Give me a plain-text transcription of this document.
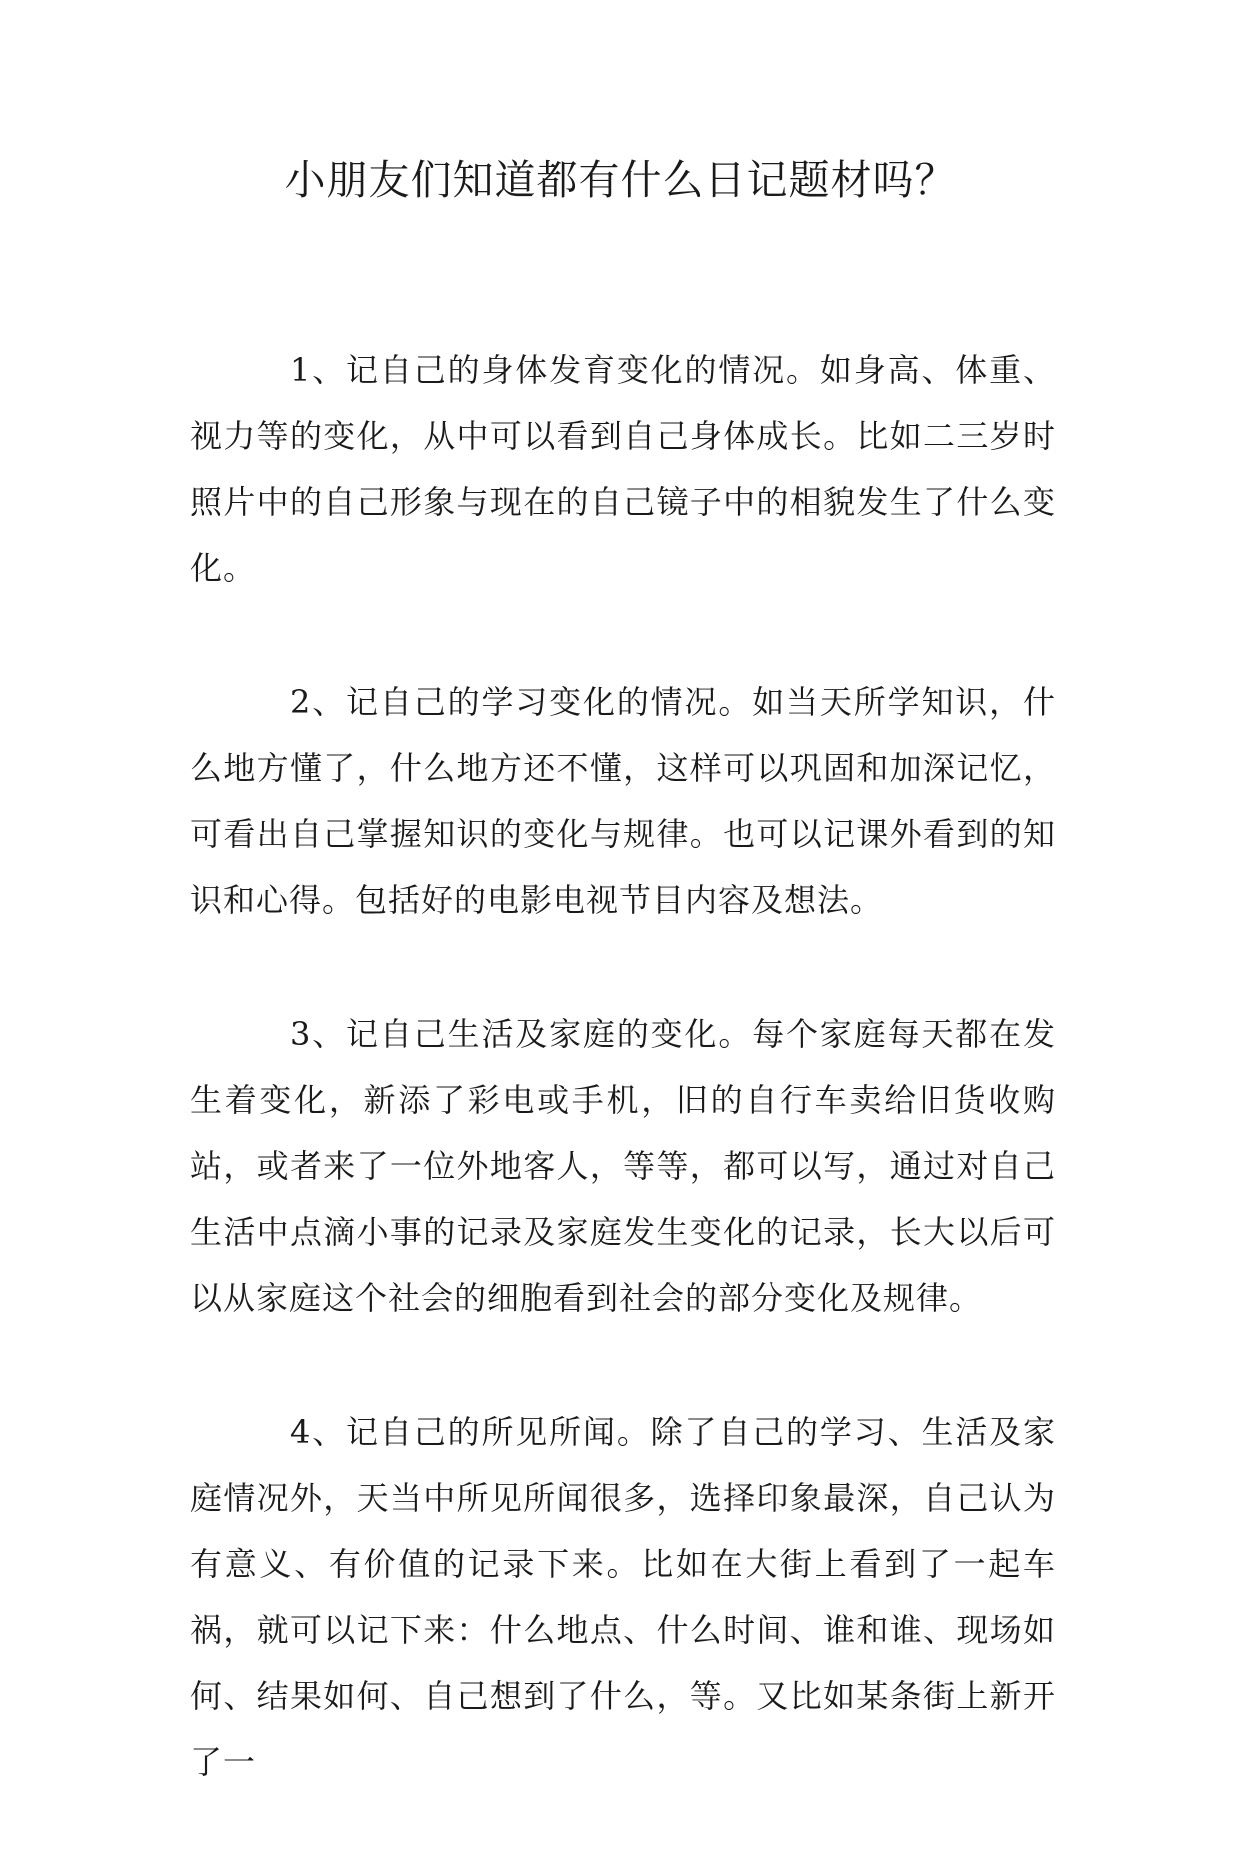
小朋友们知道都有什么日记题材吗？

1、记自己的身体发育变化的情况。如身高、体重、视力等的变化，从中可以看到自己身体成长。比如二三岁时照片中的自己形象与现在的自己镜子中的相貌发生了什么变化。

2、记自己的学习变化的情况。如当天所学知识，什么地方懂了，什么地方还不懂，这样可以巩固和加深记忆，可看出自己掌握知识的变化与规律。也可以记课外看到的知识和心得。包括好的电影电视节目内容及想法。

3、记自己生活及家庭的变化。每个家庭每天都在发生着变化，新添了彩电或手机，旧的自行车卖给旧货收购站，或者来了一位外地客人，等等，都可以写，通过对自己生活中点滴小事的记录及家庭发生变化的记录，长大以后可以从家庭这个社会的细胞看到社会的部分变化及规律。

4、记自己的所见所闻。除了自己的学习、生活及家庭情况外，天当中所见所闻很多，选择印象最深，自己认为有意义、有价值的记录下来。比如在大街上看到了一起车祸，就可以记下来：什么地点、什么时间、谁和谁、现场如何、结果如何、自己想到了什么，等。又比如某条街上新开了一
